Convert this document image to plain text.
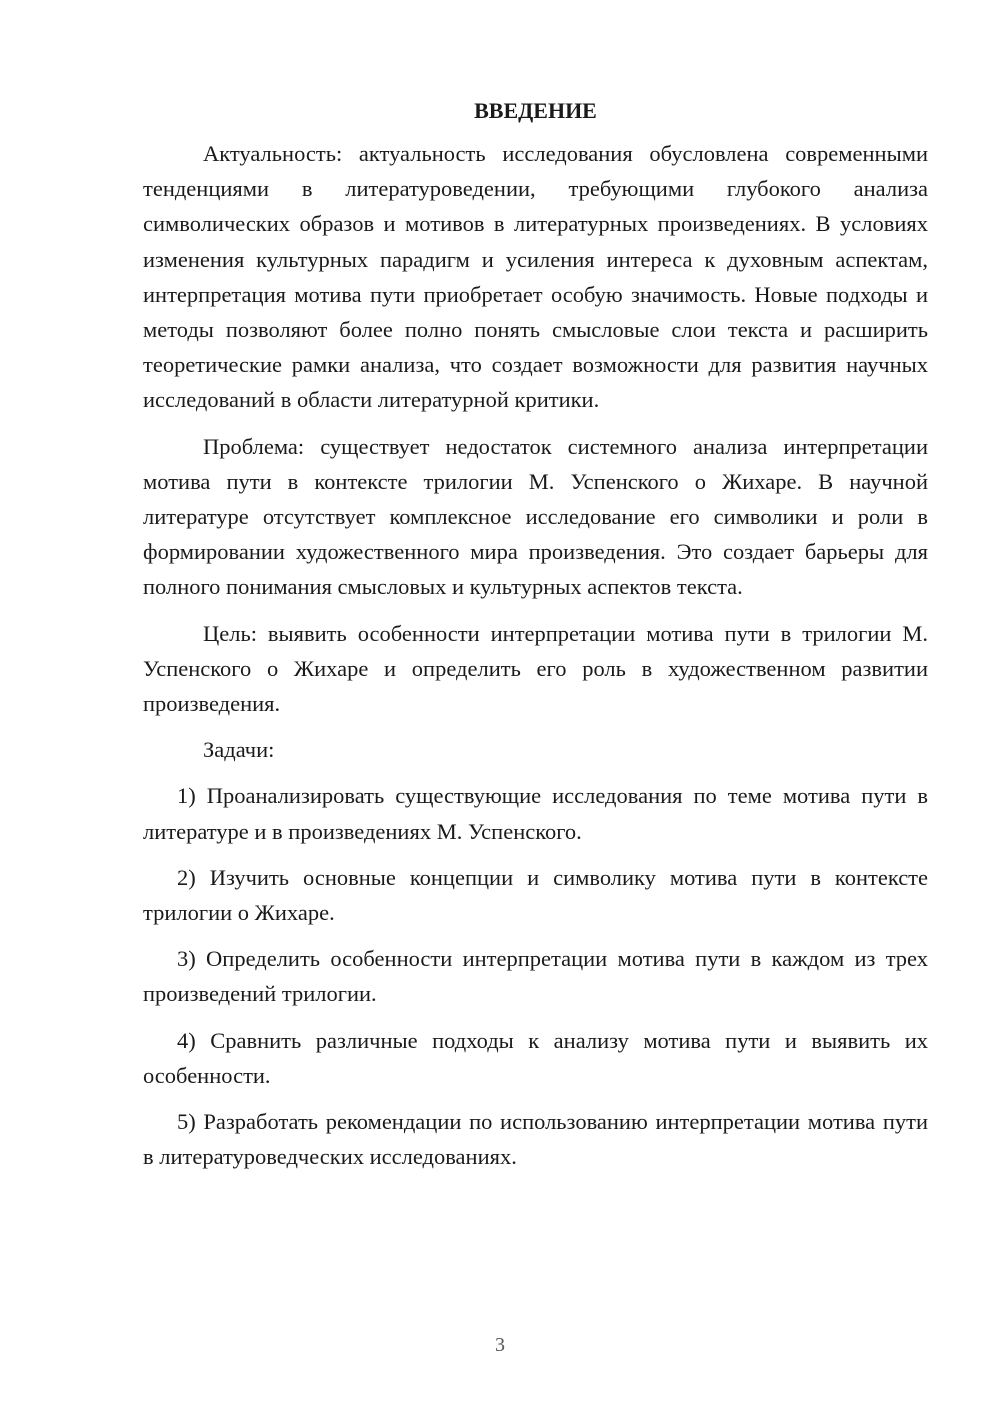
ВВЕДЕНИЕ

Актуальность: актуальность исследования обусловлена современными тенденциями в литературоведении, требующими глубокого анализа символических образов и мотивов в литературных произведениях. В условиях изменения культурных парадигм и усиления интереса к духовным аспектам, интерпретация мотива пути приобретает особую значимость. Новые подходы и методы позволяют более полно понять смысловые слои текста и расширить теоретические рамки анализа, что создает возможности для развития научных исследований в области литературной критики.

Проблема: существует недостаток системного анализа интерпретации мотива пути в контексте трилогии М. Успенского о Жихаре. В научной литературе отсутствует комплексное исследование его символики и роли в формировании художественного мира произведения. Это создает барьеры для полного понимания смысловых и культурных аспектов текста.

Цель: выявить особенности интерпретации мотива пути в трилогии М. Успенского о Жихаре и определить его роль в художественном развитии произведения.

Задачи:

1) Проанализировать существующие исследования по теме мотива пути в литературе и в произведениях М. Успенского.

2) Изучить основные концепции и символику мотива пути в контексте трилогии о Жихаре.

3) Определить особенности интерпретации мотива пути в каждом из трех произведений трилогии.

4) Сравнить различные подходы к анализу мотива пути и выявить их особенности.

5) Разработать рекомендации по использованию интерпретации мотива пути в литературоведческих исследованиях.

3
